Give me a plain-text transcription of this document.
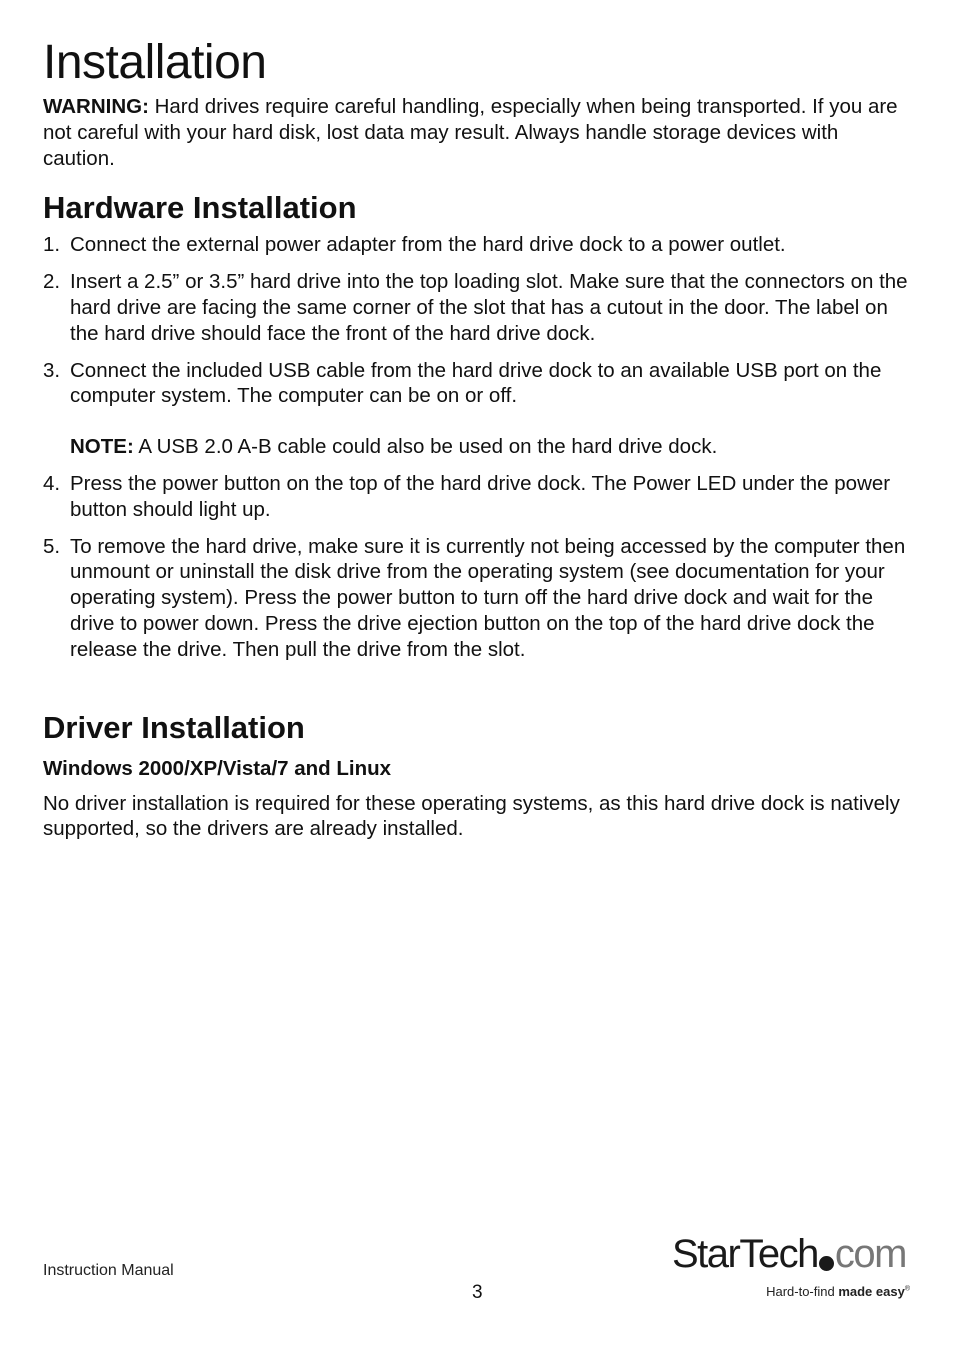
Installation

WARNING: Hard drives require careful handling, especially when being transported. If you are not careful with your hard disk, lost data may result. Always handle storage devices with caution.

Hardware Installation
1. Connect the external power adapter from the hard drive dock to a power outlet.
2. Insert a 2.5” or 3.5” hard drive into the top loading slot. Make sure that the connectors on the hard drive are facing the same corner of the slot that has a cutout in the door. The label on the hard drive should face the front of the hard drive dock.
3. Connect the included USB cable from the hard drive dock to an available USB port on the computer system. The computer can be on or off.
NOTE: A USB 2.0 A-B cable could also be used on the hard drive dock.
4. Press the power button on the top of the hard drive dock. The Power LED under the power button should light up.
5. To remove the hard drive, make sure it is currently not being accessed by the computer then unmount or uninstall the disk drive from the operating system (see documentation for your operating system). Press the power button to turn off the hard drive dock and wait for the drive to power down. Press the drive ejection button on the top of the hard drive dock the release the drive. Then pull the drive from the slot.
Driver Installation
Windows 2000/XP/Vista/7 and Linux

No driver installation is required for these operating systems, as this hard drive dock is natively supported, so the drivers are already installed.

Instruction Manual
3
StarTech com
Hard-to-find made easy®
